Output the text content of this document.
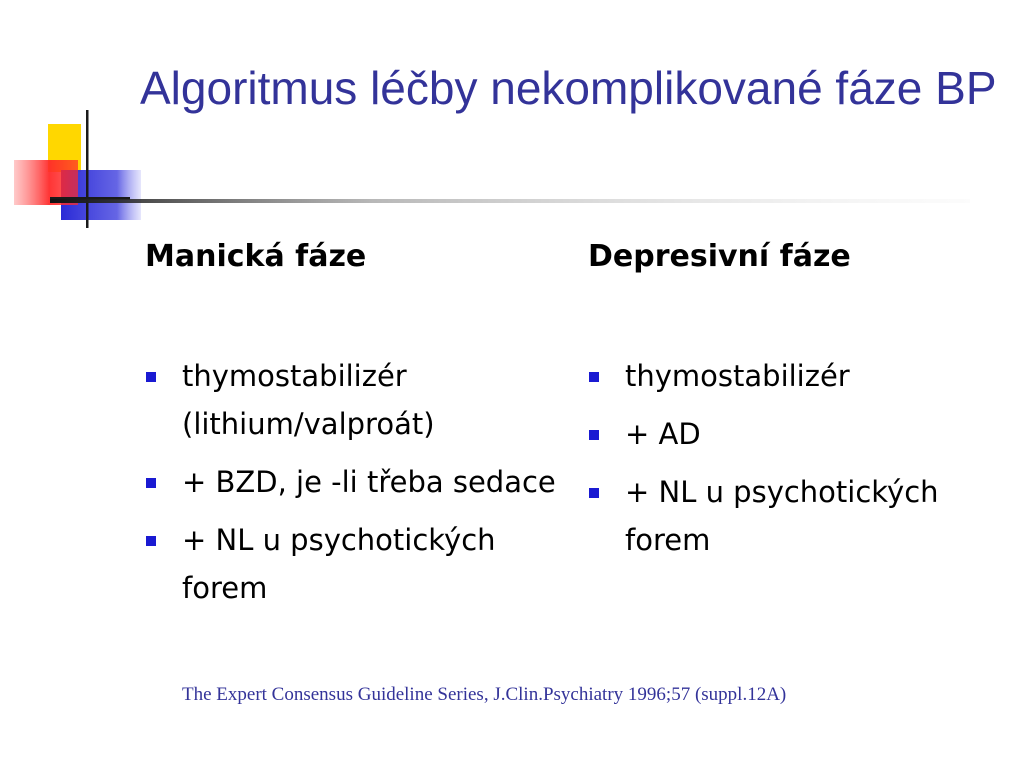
Algoritmus léčby nekomplikované fáze BP
Manická fáze
thymostabilizér (lithium/valproát)
+ BZD, je -li třeba sedace
+ NL u psychotických forem
Depresivní fáze
thymostabilizér
+ AD
+ NL u psychotických forem

The Expert Consensus Guideline Series, J.Clin.Psychiatry 1996;57 (suppl.12A)
